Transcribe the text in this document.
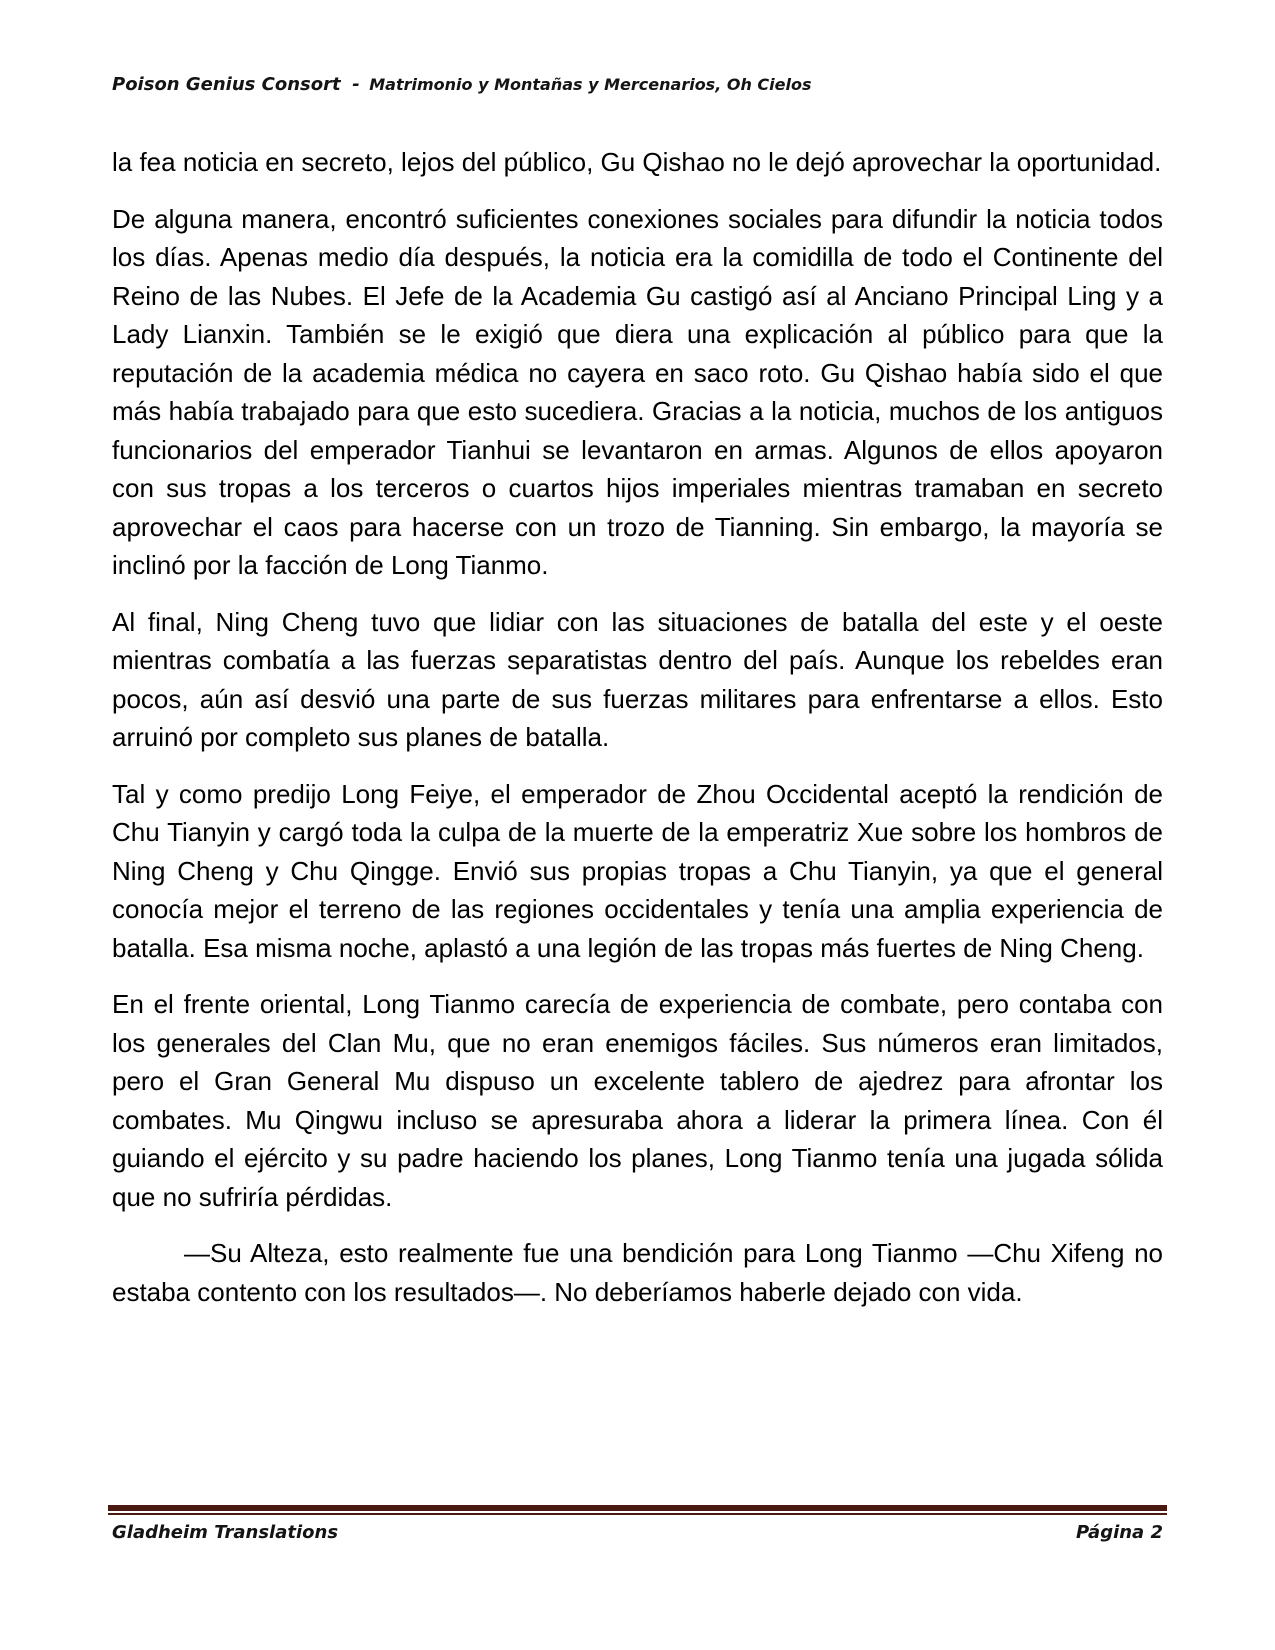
Poison Genius Consort - Matrimonio y Montañas y Mercenarios, Oh Cielos

la fea noticia en secreto, lejos del público, Gu Qishao no le dejó aprovechar la oportunidad.

De alguna manera, encontró suficientes conexiones sociales para difundir la noticia todos los días. Apenas medio día después, la noticia era la comidilla de todo el Continente del Reino de las Nubes. El Jefe de la Academia Gu castigó así al Anciano Principal Ling y a Lady Lianxin. También se le exigió que diera una explicación al público para que la reputación de la academia médica no cayera en saco roto. Gu Qishao había sido el que más había trabajado para que esto sucediera. Gracias a la noticia, muchos de los antiguos funcionarios del emperador Tianhui se levantaron en armas. Algunos de ellos apoyaron con sus tropas a los terceros o cuartos hijos imperiales mientras tramaban en secreto aprovechar el caos para hacerse con un trozo de Tianning. Sin embargo, la mayoría se inclinó por la facción de Long Tianmo.

Al final, Ning Cheng tuvo que lidiar con las situaciones de batalla del este y el oeste mientras combatía a las fuerzas separatistas dentro del país. Aunque los rebeldes eran pocos, aún así desvió una parte de sus fuerzas militares para enfrentarse a ellos. Esto arruinó por completo sus planes de batalla.

Tal y como predijo Long Feiye, el emperador de Zhou Occidental aceptó la rendición de Chu Tianyin y cargó toda la culpa de la muerte de la emperatriz Xue sobre los hombros de Ning Cheng y Chu Qingge. Envió sus propias tropas a Chu Tianyin, ya que el general conocía mejor el terreno de las regiones occidentales y tenía una amplia experiencia de batalla. Esa misma noche, aplastó a una legión de las tropas más fuertes de Ning Cheng.

En el frente oriental, Long Tianmo carecía de experiencia de combate, pero contaba con los generales del Clan Mu, que no eran enemigos fáciles. Sus números eran limitados, pero el Gran General Mu dispuso un excelente tablero de ajedrez para afrontar los combates. Mu Qingwu incluso se apresuraba ahora a liderar la primera línea. Con él guiando el ejército y su padre haciendo los planes, Long Tianmo tenía una jugada sólida que no sufriría pérdidas.

—Su Alteza, esto realmente fue una bendición para Long Tianmo —Chu Xifeng no estaba contento con los resultados—. No deberíamos haberle dejado con vida.

Gladheim Translations	Página 2
